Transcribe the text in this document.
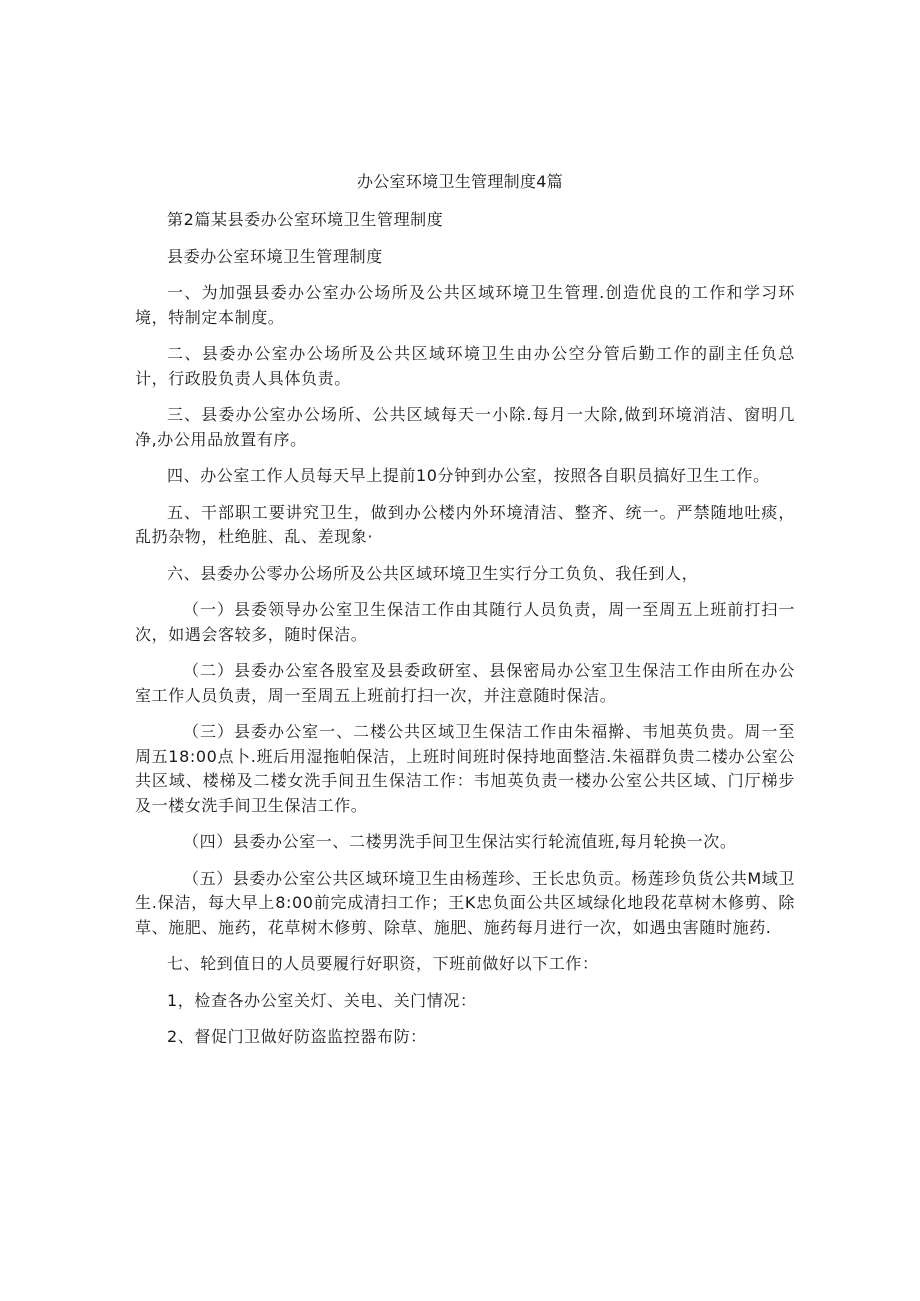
办公室环境卫生管理制度4篇

第2篇某县委办公室环境卫生管理制度

县委办公室环境卫生管理制度

一、为加强县委办公室办公场所及公共区域环境卫生管理.创造优良的工作和学习环境，特制定本制度。

二、县委办公室办公场所及公共区域环境卫生由办公空分管后勤工作的副主任负总计，行政股负责人具体负责。

三、县委办公室办公场所、公共区域每天一小除.每月一大除,做到环境消洁、窗明几净,办公用品放置有序。

四、办公室工作人员每天早上提前10分钟到办公室，按照各自职员搞好卫生工作。

五、干部职工要讲究卫生，做到办公楼内外环境清洁、整齐、统一。严禁随地吐痰，乱扔杂物，杜绝脏、乱、差现象·

六、县委办公零办公场所及公共区域环境卫生实行分工负负、我任到人，

（一）县委领导办公室卫生保洁工作由其随行人员负责，周一至周五上班前打扫一次，如遇会客较多，随时保洁。

（二）县委办公室各股室及县委政研室、县保密局办公室卫生保洁工作由所在办公室工作人员负责，周一至周五上班前打扫一次，并注意随时保洁。

（三）县委办公室一、二楼公共区域卫生保洁工作由朱福擀、韦旭英负贵。周一至周五18:00点卜.班后用湿拖帕保洁，上班时间班时保持地面整洁.朱福群负贵二楼办公室公共区域、楼梯及二楼女洗手间丑生保洁工作：韦旭英负责一楼办公室公共区域、门厅梯步及一楼女洗手间卫生保洁工作。

（四）县委办公室一、二楼男洗手间卫生保沽实行轮流值班,每月轮换一次。

（五）县委办公室公共区域环境卫生由杨莲珍、王长忠负贡。杨莲珍负货公共M域卫生.保洁，每大早上8:00前完成清扫工作；王K忠负面公共区域绿化地段花草树木修剪、除草、施肥、施药，花草树木修剪、除草、施肥、施药每月进行一次，如遇虫害随时施药.

七、轮到值日的人员要履行好职资，下班前做好以下工作：

1，检查各办公室关灯、关电、关门情况：

2、督促门卫做好防盗监控器布防：
